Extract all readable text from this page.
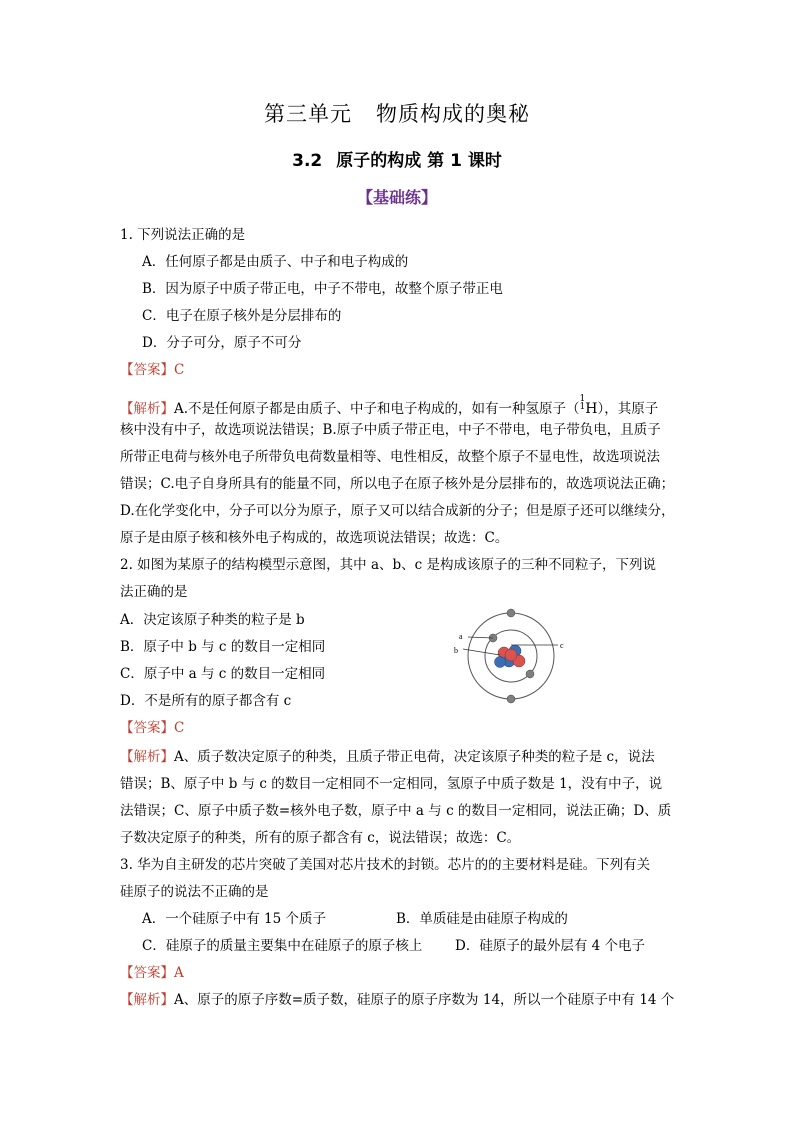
第三单元 物质构成的奥秘
3.2 原子的构成 第 1 课时
【基础练】
1. 下列说法正确的是
A．任何原子都是由质子、中子和电子构成的
B．因为原子中质子带正电，中子不带电，故整个原子带正电
C．电子在原子核外是分层排布的
D．分子可分，原子不可分
【答案】C
【解析】A.不是任何原子都是由质子、中子和电子构成的，如有一种氢原子（
1
1 H），其原子
核中没有中子，故选项说法错误；B.原子中质子带正电，中子不带电，电子带负电，且质子
所带正电荷与核外电子所带负电荷数量相等、电性相反，故整个原子不显电性，故选项说法
错误；C.电子自身所具有的能量不同，所以电子在原子核外是分层排布的，故选项说法正确；
D.在化学变化中，分子可以分为原子，原子又可以结合成新的分子；但是原子还可以继续分，
原子是由原子核和核外电子构成的，故选项说法错误；故选：C。
2. 如图为某原子的结构模型示意图，其中 a、b、c 是构成该原子的三种不同粒子，下列说
法正确的是
A．决定该原子种类的粒子是 b
B．原子中 b 与 c 的数目一定相同
C．原子中 a 与 c 的数目一定相同
D．不是所有的原子都含有 c
a
b
c
【答案】C
【解析】A、质子数决定原子的种类，且质子带正电荷，决定该原子种类的粒子是 c，说法
错误；B、原子中 b 与 c 的数目一定相同不一定相同，氢原子中质子数是 1，没有中子，说
法错误；C、原子中质子数=核外电子数，原子中 a 与 c 的数目一定相同，说法正确；D、质
子数决定原子的种类，所有的原子都含有 c，说法错误；故选：C。
3. 华为自主研发的芯片突破了美国对芯片技术的封锁。芯片的的主要材料是硅。下列有关
硅原子的说法不正确的是
A．一个硅原子中有 15 个质子	B．单质硅是由硅原子构成的
C．硅原子的质量主要集中在硅原子的原子核上 D．硅原子的最外层有 4 个电子
【答案】A
【解析】A、原子的原子序数=质子数，硅原子的原子序数为 14，所以一个硅原子中有 14 个
